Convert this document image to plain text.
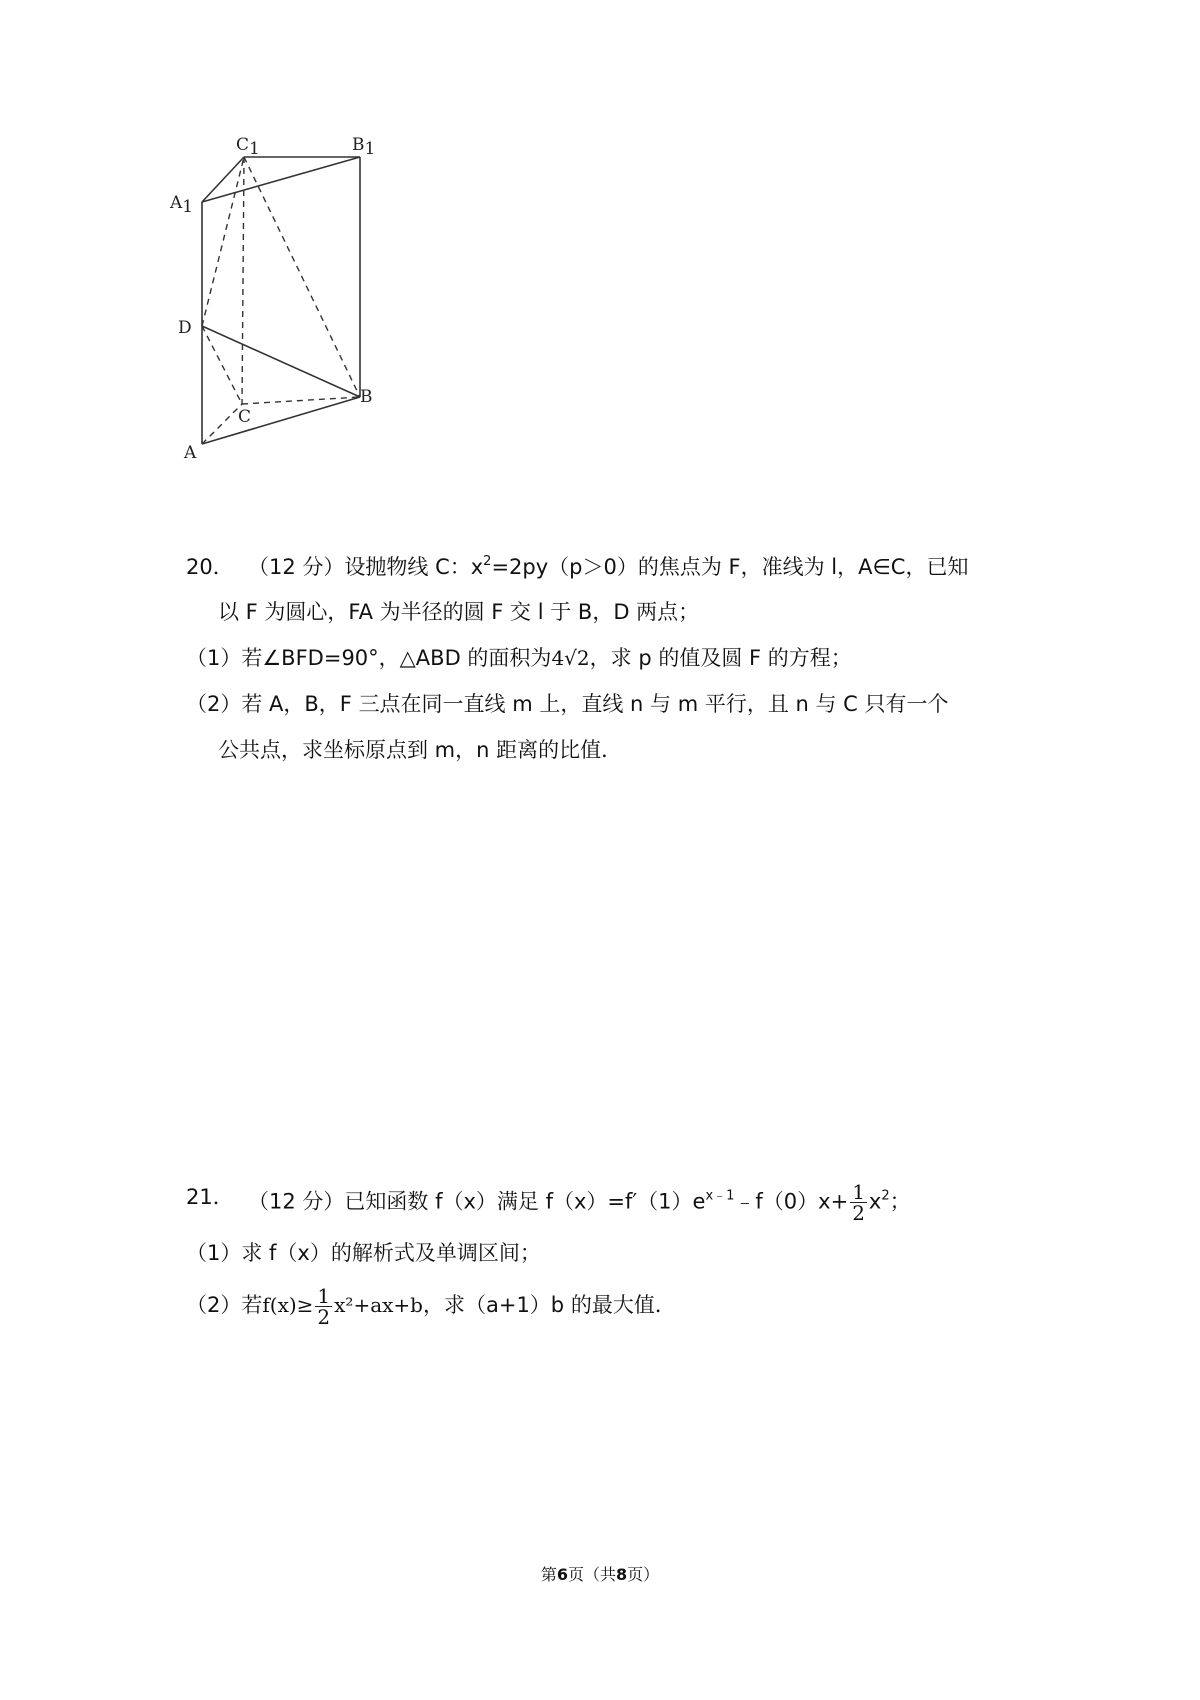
C1	B1
A1
D
C
B
A
20． （12 分）设抛物线 C：$x^2=2py(p>0)$的焦点为 F，准线为 l，A∈C，已知
以 F 为圆心，FA 为半径的圆 F 交 l 于 B，D 两点；
（1）若∠BFD=90°，△ABD 的面积为4√2，求 p 的值及圆 F 的方程；
（2）若 A，B，F 三点在同一直线 m 上，直线 n 与 m 平行，且 n 与 C 只有一个
公共点，求坐标原点到 m，n 距离的比值．
21． （12 分）已知函数 f（x）满足 $f(x)=f'(1)e^{x﹣1}﹣f(0)x+ \frac{1}{2} x^2$；
（1）求 f（x）的解析式及单调区间；
（2）若$f(x)\ge \frac{1}{2} x^2+ax+b$，求（a+1）b 的最大值．
第6页（共8页）
